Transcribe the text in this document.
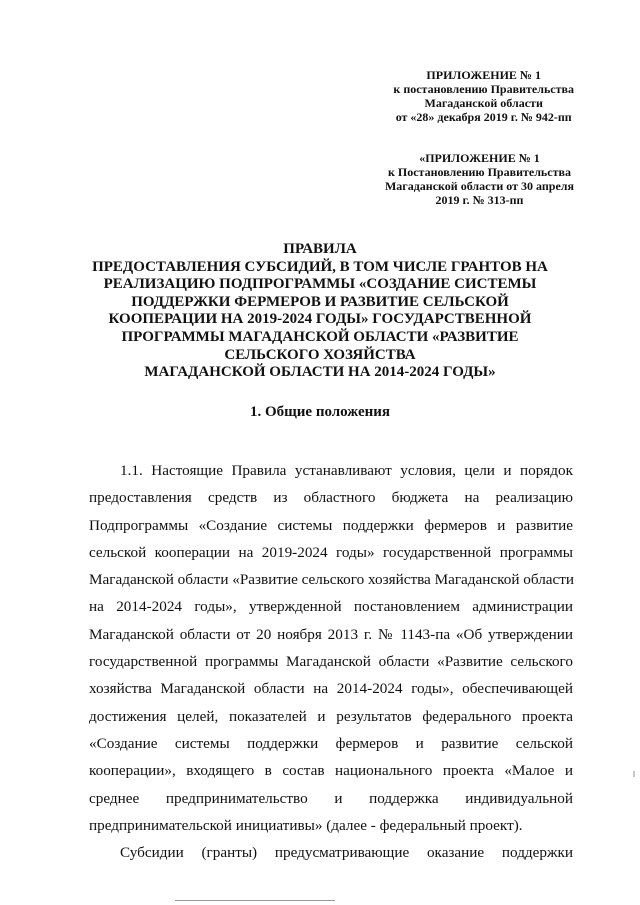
ПРИЛОЖЕНИЕ № 1
к постановлению Правительства
Магаданской области
от «28» декабря 2019 г. № 942-пп
«ПРИЛОЖЕНИЕ № 1
к Постановлению Правительства
Магаданской области от 30 апреля
2019 г. № 313-пп
ПРАВИЛА
ПРЕДОСТАВЛЕНИЯ СУБСИДИЙ, В ТОМ ЧИСЛЕ ГРАНТОВ НА
РЕАЛИЗАЦИЮ ПОДПРОГРАММЫ «СОЗДАНИЕ СИСТЕМЫ
ПОДДЕРЖКИ ФЕРМЕРОВ И РАЗВИТИЕ СЕЛЬСКОЙ
КООПЕРАЦИИ НА 2019-2024 ГОДЫ» ГОСУДАРСТВЕННОЙ
ПРОГРАММЫ МАГАДАНСКОЙ ОБЛАСТИ «РАЗВИТИЕ
СЕЛЬСКОГО ХОЗЯЙСТВА
МАГАДАНСКОЙ ОБЛАСТИ НА 2014-2024 ГОДЫ»
1. Общие положения
1.1. Настоящие Правила устанавливают условия, цели и порядок
предоставления средств из областного бюджета на реализацию
Подпрограммы «Создание системы поддержки фермеров и развитие
сельской кооперации на 2019-2024 годы» государственной программы
Магаданской области «Развитие сельского хозяйства Магаданской области
на 2014-2024 годы», утвержденной постановлением администрации
Магаданской области от 20 ноября 2013 г. № 1143-па «Об утверждении
государственной программы Магаданской области «Развитие сельского
хозяйства Магаданской области на 2014-2024 годы», обеспечивающей
достижения целей, показателей и результатов федерального проекта
«Создание системы поддержки фермеров и развитие сельской
кооперации», входящего в состав национального проекта «Малое и
среднее предпринимательство и поддержка индивидуальной
предпринимательской инициативы» (далее - федеральный проект).
Субсидии (гранты) предусматривающие оказание поддержки
